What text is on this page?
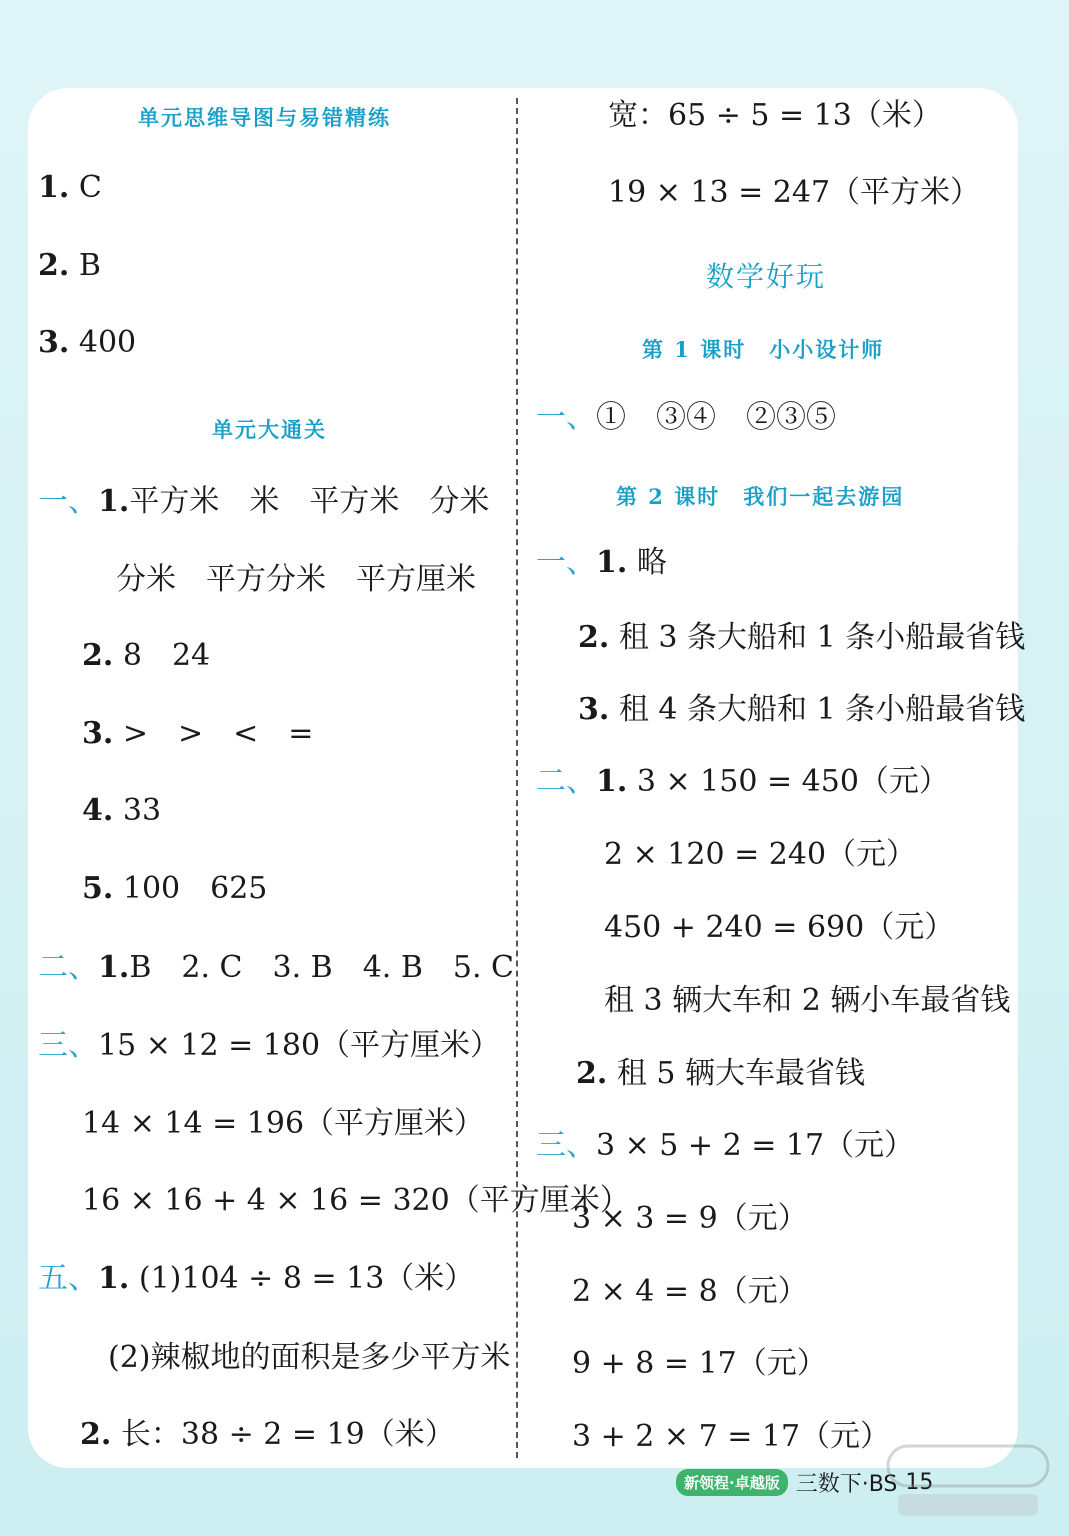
单元思维导图与易错精练
1. C
2. B
3. 400
单元大通关
一、1.平方米　米　平方米　分米
分米　平方分米　平方厘米
2. 8　24
3. >　>　<　=
4. 33
5. 100　625
二、1.B　2. C　3. B　4. B　5. C
三、15 × 12 = 180（平方厘米）
14 × 14 = 196（平方厘米）
16 × 16 + 4 × 16 = 320（平方厘米）
五、1. (1)104 ÷ 8 = 13（米）
(2)辣椒地的面积是多少平方米
2. 长：38 ÷ 2 = 19（米）
宽：65 ÷ 5 = 13（米）
19 × 13 = 247（平方米）
数学好玩
第 1 课时　小小设计师
一、①　③④　②③⑤
第 2 课时　我们一起去游园
一、1. 略
2. 租 3 条大船和 1 条小船最省钱
3. 租 4 条大船和 1 条小船最省钱
二、1. 3 × 150 = 450（元）
2 × 120 = 240（元）
450 + 240 = 690（元）
租 3 辆大车和 2 辆小车最省钱
2. 租 5 辆大车最省钱
三、3 × 5 + 2 = 17（元）
3 × 3 = 9（元）
2 × 4 = 8（元）
9 + 8 = 17（元）
3 + 2 × 7 = 17（元）
新领程·卓越版 三数下·BS 15
